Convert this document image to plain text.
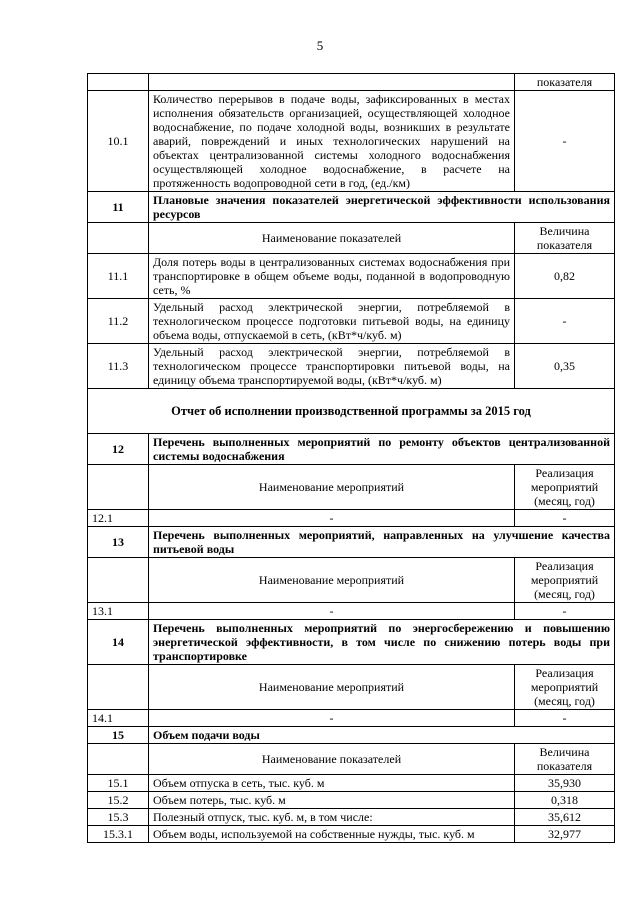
5
		показателя
10.1	Количество перерывов в подаче воды, зафиксированных в местах исполнения обязательств организацией, осуществляющей холодное водоснабжение, по подаче холодной воды, возникших в результате аварий, повреждений и иных технологических нарушений на объектах централизованной системы холодного водоснабжения осуществляющей холодное водоснабжение, в расчете на протяженность водопроводной сети в год, (ед./км)	-
11	Плановые значения показателей энергетической эффективности использования ресурсов	
	Наименование показателей	Величина показателя
11.1	Доля потерь воды в централизованных системах водоснабжения при транспортировке в общем объеме воды, поданной в водопроводную сеть, %	0,82
11.2	Удельный расход электрической энергии, потребляемой в технологическом процессе подготовки питьевой воды, на единицу объема воды, отпускаемой в сеть, (кВт*ч/куб. м)	-
11.3	Удельный расход электрической энергии, потребляемой в технологическом процессе транспортировки питьевой воды, на единицу объема транспортируемой воды, (кВт*ч/куб. м)	0,35
Отчет об исполнении производственной программы за 2015 год		
12	Перечень выполненных мероприятий по ремонту объектов централизованной системы водоснабжения	
	Наименование мероприятий	Реализация мероприятий (месяц, год)
12.1	-	-
13	Перечень выполненных мероприятий, направленных на улучшение качества питьевой воды	
	Наименование мероприятий	Реализация мероприятий (месяц, год)
13.1	-	-
14	Перечень выполненных мероприятий по энергосбережению и повышению энергетической эффективности, в том числе по снижению потерь воды при транспортировке	
	Наименование мероприятий	Реализация мероприятий (месяц, год)
14.1	-	-
15	Объем подачи воды	
	Наименование показателей	Величина показателя
15.1	Объем отпуска в сеть, тыс. куб. м	35,930
15.2	Объем потерь, тыс. куб. м	0,318
15.3	Полезный отпуск, тыс. куб. м, в том числе:	35,612
15.3.1	Объем воды, используемой на собственные нужды, тыс. куб. м	32,977
